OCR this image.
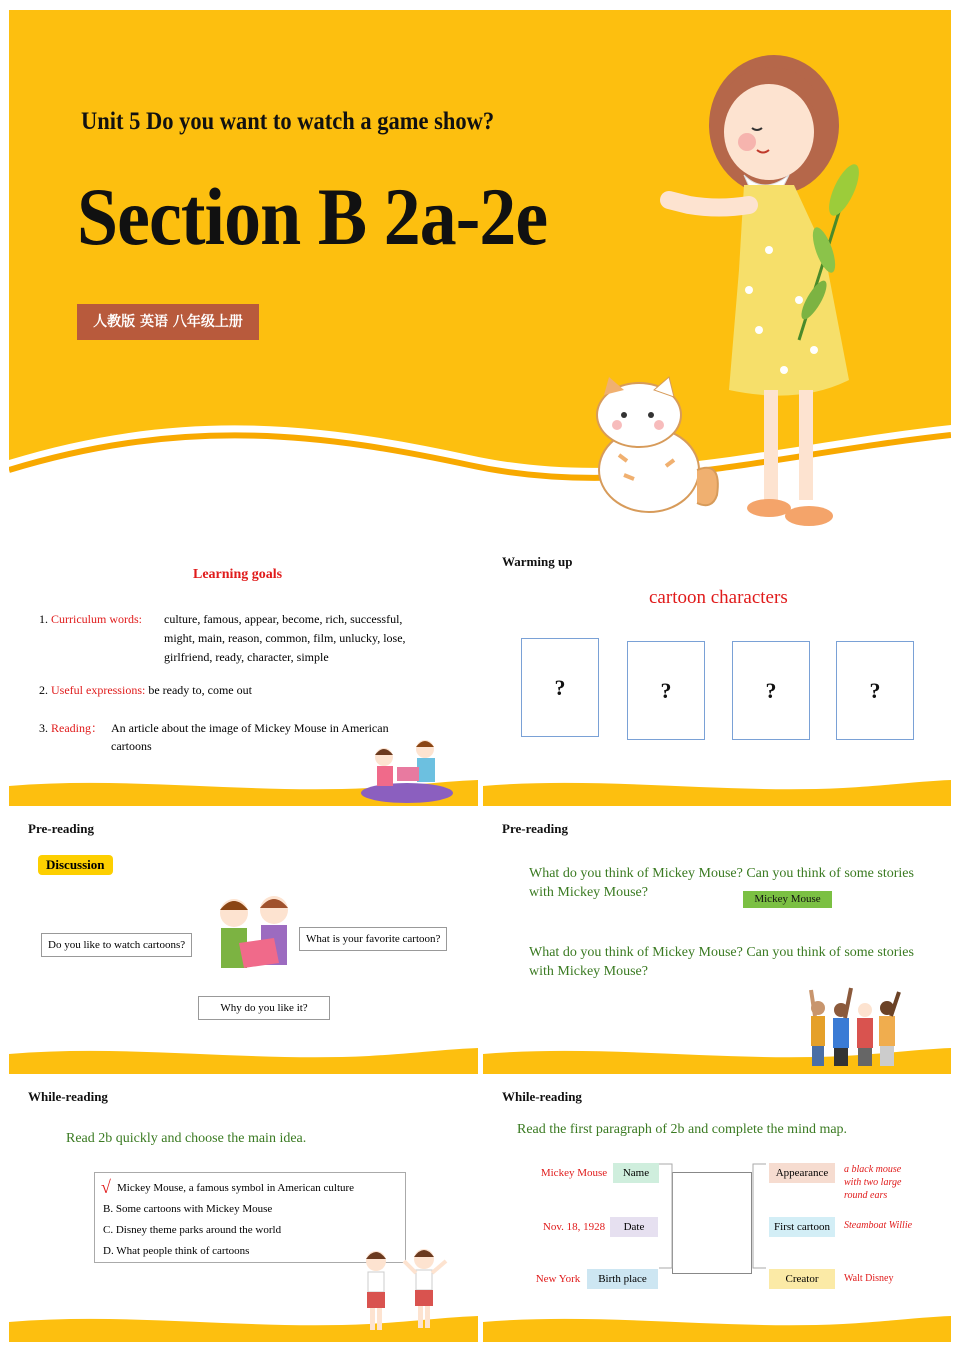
Unit 5 Do you want to watch a game show?
Section B 2a-2e
人教版 英语 八年级上册
Learning goals
1. Curriculum words: culture, famous, appear, become, rich, successful,
might, main, reason, common, film, unlucky, lose,
girlfriend, ready, character, simple
2. Useful expressions: be ready to, come out
3. Reading： An article about the image of Mickey Mouse in American
cartoons
Warming up
cartoon characters
?	?	?	?
Pre-reading
Discussion
Do you like to watch cartoons?	What is your favorite cartoon?
Why do you like it?
Pre-reading
What do you think of Mickey Mouse? Can you think of some stories with Mickey Mouse?	Mickey Mouse
What do you think of Mickey Mouse? Can you think of some stories with Mickey Mouse?
While-reading
Read 2b quickly and choose the main idea.
√ Mickey Mouse, a famous symbol in American culture
B. Some cartoons with Mickey Mouse
C. Disney theme parks around the world
D. What people think of cartoons
While-reading
Read the first paragraph of 2b and complete the mind map.
Mickey Mouse	Name
Nov. 18, 1928	Date
New York	Birth place
Appearance	a black mouse with two large round ears
First cartoon	Steamboat Willie
Creator	Walt Disney
